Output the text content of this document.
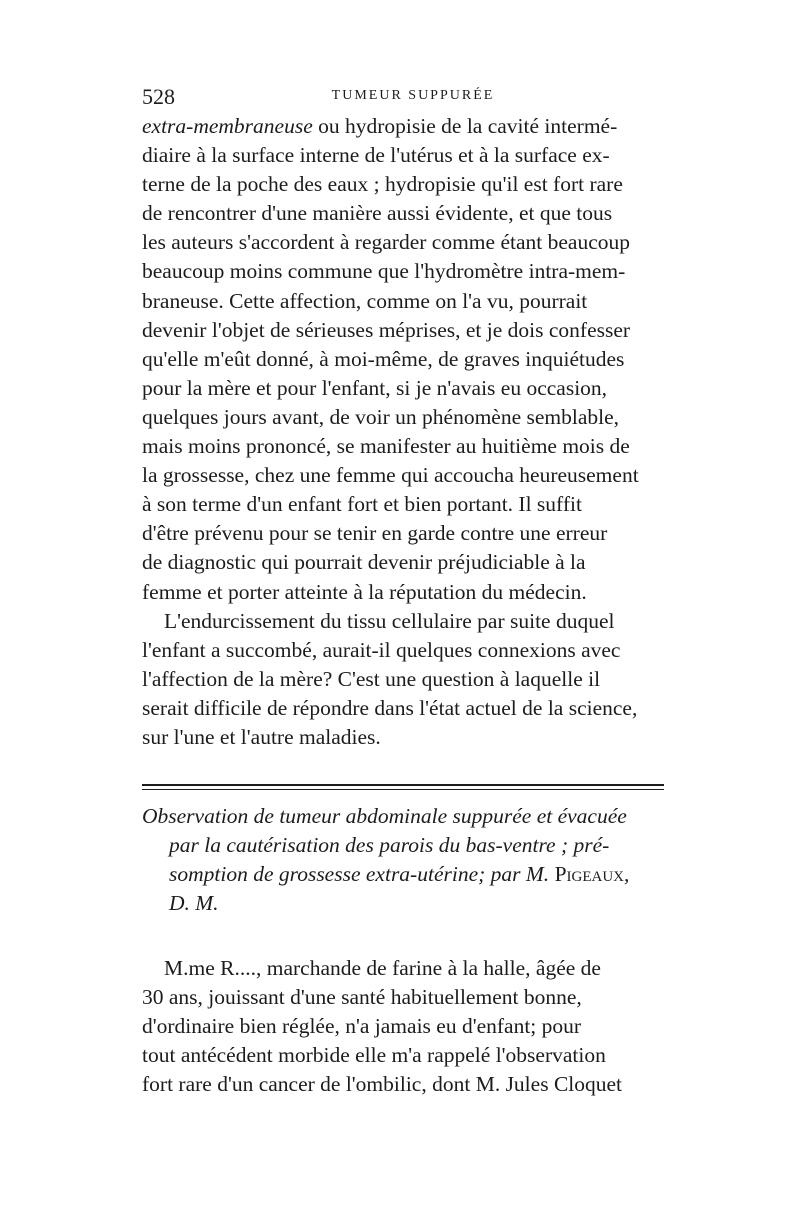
528	TUMEUR SUPPURÉE
extra-membraneuse ou hydropisie de la cavité intermé-
diaire à la surface interne de l'utérus et à la surface ex-
terne de la poche des eaux ; hydropisie qu'il est fort rare
de rencontrer d'une manière aussi évidente, et que tous
les auteurs s'accordent à regarder comme étant beaucoup
beaucoup moins commune que l'hydromètre intra-mem-
braneuse. Cette affection, comme on l'a vu, pourrait
devenir l'objet de sérieuses méprises, et je dois confesser
qu'elle m'eût donné, à moi-même, de graves inquiétudes
pour la mère et pour l'enfant, si je n'avais eu occasion,
quelques jours avant, de voir un phénomène semblable,
mais moins prononcé, se manifester au huitième mois de
la grossesse, chez une femme qui accoucha heureusement
à son terme d'un enfant fort et bien portant. Il suffit
d'être prévenu pour se tenir en garde contre une erreur
de diagnostic qui pourrait devenir préjudiciable à la
femme et porter atteinte à la réputation du médecin.
L'endurcissement du tissu cellulaire par suite duquel
l'enfant a succombé, aurait-il quelques connexions avec
l'affection de la mère? C'est une question à laquelle il
serait difficile de répondre dans l'état actuel de la science,
sur l'une et l'autre maladies.
Observation de tumeur abdominale suppurée et évacuée
par la cautérisation des parois du bas-ventre ; pré-
somption de grossesse extra-utérine; par M. Pigeaux,
D. M.
M.me R...., marchande de farine à la halle, âgée de
30 ans, jouissant d'une santé habituellement bonne,
d'ordinaire bien réglée, n'a jamais eu d'enfant; pour
tout antécédent morbide elle m'a rappelé l'observation
fort rare d'un cancer de l'ombilic, dont M. Jules Cloquet
